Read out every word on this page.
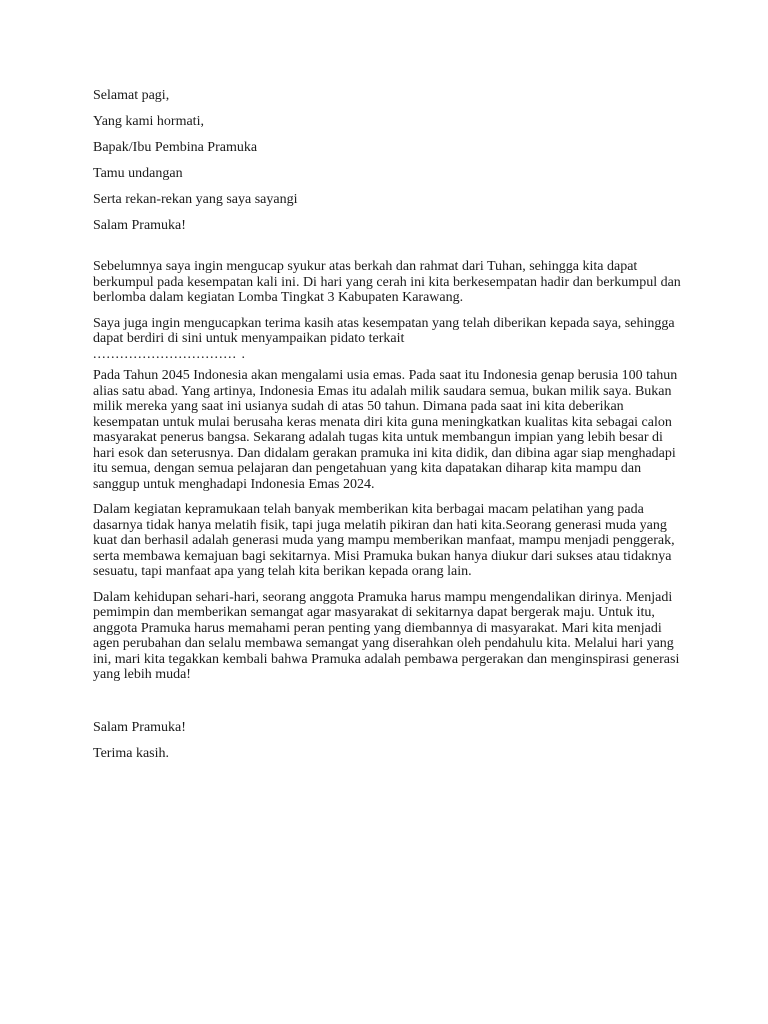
Selamat pagi,

Yang kami hormati,

Bapak/Ibu Pembina Pramuka

Tamu undangan

Serta rekan-rekan yang saya sayangi

Salam Pramuka!

Sebelumnya saya ingin mengucap syukur atas berkah dan rahmat dari Tuhan, sehingga kita dapat berkumpul pada kesempatan kali ini. Di hari yang cerah ini kita berkesempatan hadir dan berkumpul dan berlomba dalam kegiatan Lomba Tingkat 3 Kabupaten Karawang.

Saya juga ingin mengucapkan terima kasih atas kesempatan yang telah diberikan kepada saya, sehingga dapat berdiri di sini untuk menyampaikan pidato terkait
................................ .

Pada Tahun 2045 Indonesia akan mengalami usia emas. Pada saat itu Indonesia genap berusia 100 tahun alias satu abad. Yang artinya, Indonesia Emas itu adalah milik saudara semua, bukan milik saya. Bukan milik mereka yang saat ini usianya sudah di atas 50 tahun. Dimana pada saat ini kita deberikan kesempatan untuk mulai berusaha keras menata diri kita guna meningkatkan kualitas kita sebagai calon masyarakat penerus bangsa. Sekarang adalah tugas kita untuk membangun impian yang lebih besar di hari esok dan seterusnya. Dan didalam gerakan pramuka ini kita didik, dan dibina agar siap menghadapi itu semua, dengan semua pelajaran dan pengetahuan yang kita dapatakan diharap kita mampu dan sanggup untuk menghadapi Indonesia Emas 2024.

Dalam kegiatan kepramukaan telah banyak memberikan kita berbagai macam pelatihan yang pada dasarnya tidak hanya melatih fisik, tapi juga melatih pikiran dan hati kita.Seorang generasi muda yang kuat dan berhasil adalah generasi muda yang mampu memberikan manfaat, mampu menjadi penggerak, serta membawa kemajuan bagi sekitarnya. Misi Pramuka bukan hanya diukur dari sukses atau tidaknya sesuatu, tapi manfaat apa yang telah kita berikan kepada orang lain.

Dalam kehidupan sehari-hari, seorang anggota Pramuka harus mampu mengendalikan dirinya. Menjadi pemimpin dan memberikan semangat agar masyarakat di sekitarnya dapat bergerak maju. Untuk itu, anggota Pramuka harus memahami peran penting yang diembannya di masyarakat. Mari kita menjadi agen perubahan dan selalu membawa semangat yang diserahkan oleh pendahulu kita. Melalui hari yang ini, mari kita tegakkan kembali bahwa Pramuka adalah pembawa pergerakan dan menginspirasi generasi yang lebih muda!

Salam Pramuka!

Terima kasih.
